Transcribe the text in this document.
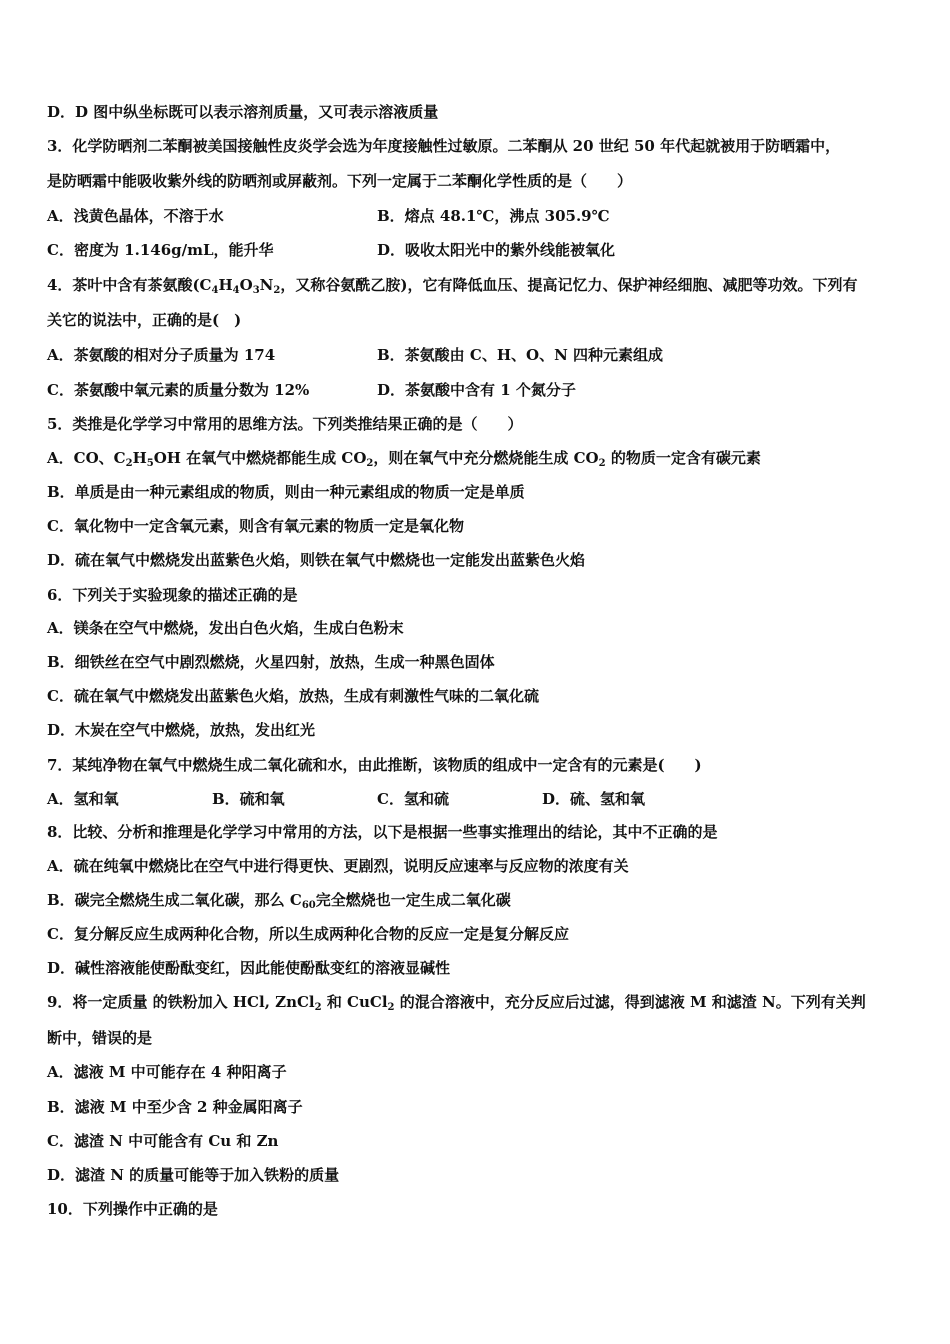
D．D 图中纵坐标既可以表示溶剂质量，又可表示溶液质量
3．化学防晒剂二苯酮被美国接触性皮炎学会选为年度接触性过敏原。二苯酮从 20 世纪 50 年代起就被用于防晒霜中，
是防晒霜中能吸收紫外线的防晒剂或屏蔽剂。下列一定属于二苯酮化学性质的是（　　）
A．浅黄色晶体，不溶于水	B．熔点 48.1℃，沸点 305.9℃
C．密度为 1.146g/mL，能升华	D．吸收太阳光中的紫外线能被氧化
4．茶叶中含有茶氨酸($C_4H_4O_3N_2$，又称谷氨酰乙胺)，它有降低血压、提高记忆力、保护神经细胞、减肥等功效。下列有
关它的说法中，正确的是(　)
A．茶氨酸的相对分子质量为 174	B．茶氨酸由 C、H、O、N 四种元素组成
C．茶氨酸中氧元素的质量分数为 12%	D．茶氨酸中含有 1 个氮分子
5．类推是化学学习中常用的思维方法。下列类推结果正确的是（　　）
A．CO、$C_2H_5OH$ 在氧气中燃烧都能生成 $CO_2$，则在氧气中充分燃烧能生成 $CO_2$ 的物质一定含有碳元素
B．单质是由一种元素组成的物质，则由一种元素组成的物质一定是单质
C．氧化物中一定含氧元素，则含有氧元素的物质一定是氧化物
D．硫在氧气中燃烧发出蓝紫色火焰，则铁在氧气中燃烧也一定能发出蓝紫色火焰
6．下列关于实验现象的描述正确的是
A．镁条在空气中燃烧，发出白色火焰，生成白色粉末
B．细铁丝在空气中剧烈燃烧，火星四射，放热，生成一种黑色固体
C．硫在氧气中燃烧发出蓝紫色火焰，放热，生成有刺激性气味的二氧化硫
D．木炭在空气中燃烧，放热，发出红光
7．某纯净物在氧气中燃烧生成二氧化硫和水，由此推断，该物质的组成中一定含有的元素是(　　)
A．氢和氧	B．硫和氧	C．氢和硫	D．硫、氢和氧
8．比较、分析和推理是化学学习中常用的方法，以下是根据一些事实推理出的结论，其中不正确的是
A．硫在纯氧中燃烧比在空气中进行得更快、更剧烈，说明反应速率与反应物的浓度有关
B．碳完全燃烧生成二氧化碳，那么 $C_{60}$完全燃烧也一定生成二氧化碳
C．复分解反应生成两种化合物，所以生成两种化合物的反应一定是复分解反应
D．碱性溶液能使酚酞变红，因此能使酚酞变红的溶液显碱性
9．将一定质量 的铁粉加入 HCl, ZnCl$_2$ 和 CuCl$_2$ 的混合溶液中，充分反应后过滤，得到滤液 M 和滤渣 N。下列有关判
断中，错误的是
A．滤液 M 中可能存在 4 种阳离子
B．滤液 M 中至少含 2 种金属阳离子
C．滤渣 N 中可能含有 Cu 和 Zn
D．滤渣 N 的质量可能等于加入铁粉的质量
10．下列操作中正确的是
